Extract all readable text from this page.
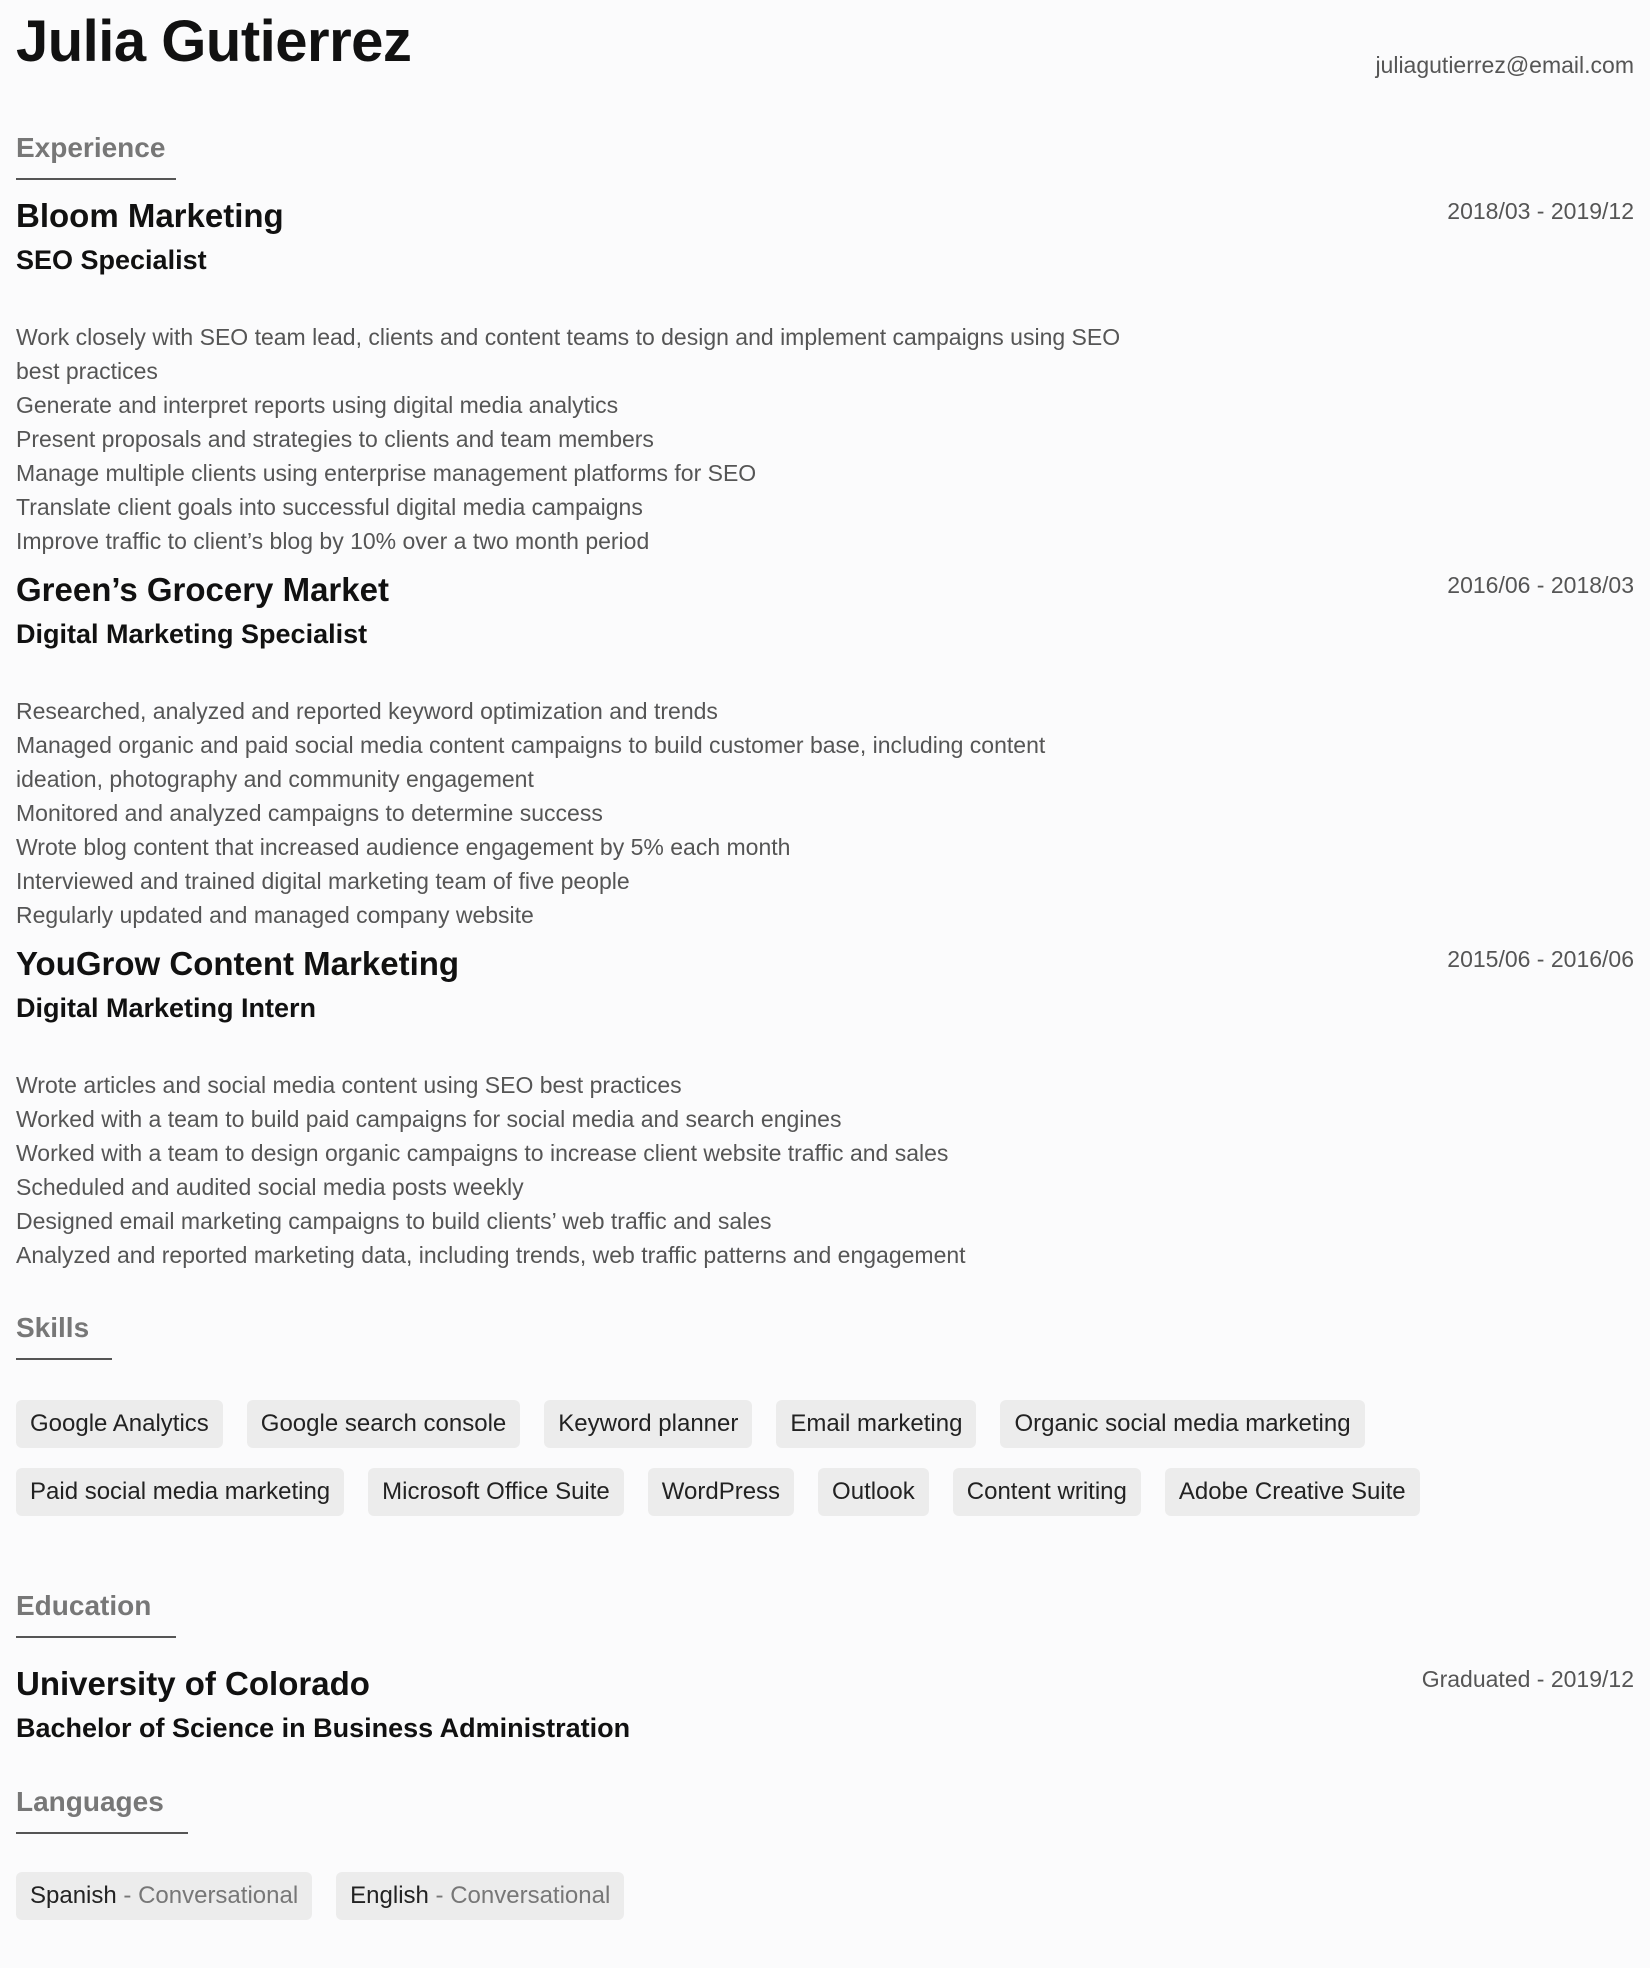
Julia Gutierrez	juliagutierrez@email.com
Experience
Bloom Marketing
SEO Specialist
2018/03 - 2019/12
Work closely with SEO team lead, clients and content teams to design and implement campaigns using SEO best practices
Generate and interpret reports using digital media analytics
Present proposals and strategies to clients and team members
Manage multiple clients using enterprise management platforms for SEO
Translate client goals into successful digital media campaigns
Improve traffic to client’s blog by 10% over a two month period
Green’s Grocery Market
Digital Marketing Specialist
2016/06 - 2018/03
Researched, analyzed and reported keyword optimization and trends
Managed organic and paid social media content campaigns to build customer base, including content ideation, photography and community engagement
Monitored and analyzed campaigns to determine success
Wrote blog content that increased audience engagement by 5% each month
Interviewed and trained digital marketing team of five people
Regularly updated and managed company website
YouGrow Content Marketing
Digital Marketing Intern
2015/06 - 2016/06
Wrote articles and social media content using SEO best practices
Worked with a team to build paid campaigns for social media and search engines
Worked with a team to design organic campaigns to increase client website traffic and sales
Scheduled and audited social media posts weekly
Designed email marketing campaigns to build clients’ web traffic and sales
Analyzed and reported marketing data, including trends, web traffic patterns and engagement
Skills
Google Analytics	Google search console	Keyword planner	Email marketing	Organic social media marketing
Paid social media marketing	Microsoft Office Suite	WordPress	Outlook	Content writing	Adobe Creative Suite
Education
University of Colorado
Bachelor of Science in Business Administration
Graduated - 2019/12
Languages
Spanish - Conversational	English - Conversational
